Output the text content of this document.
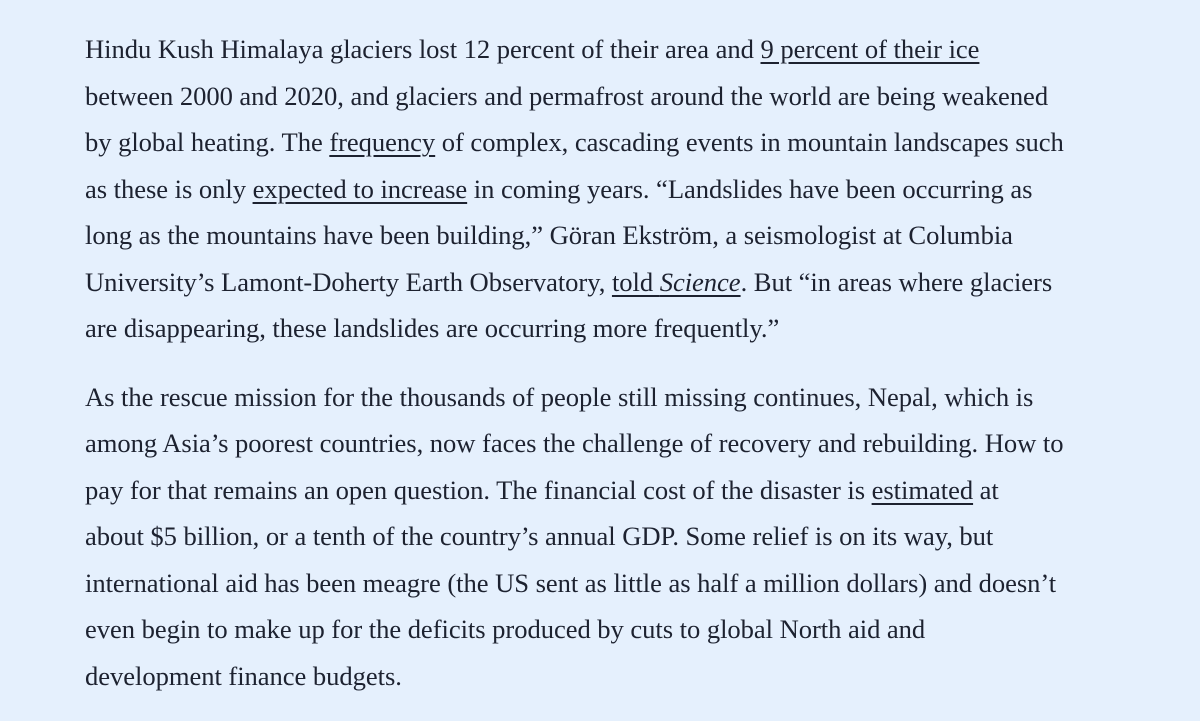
Hindu Kush Himalaya glaciers lost 12 percent of their area and 9 percent of their ice
between 2000 and 2020, and glaciers and permafrost around the world are being weakened
by global heating. The frequency of complex, cascading events in mountain landscapes such
as these is only expected to increase in coming years. “Landslides have been occurring as
long as the mountains have been building,” Göran Ekström, a seismologist at Columbia
University’s Lamont-Doherty Earth Observatory, told Science. But “in areas where glaciers
are disappearing, these landslides are occurring more frequently.”

As the rescue mission for the thousands of people still missing continues, Nepal, which is
among Asia’s poorest countries, now faces the challenge of recovery and rebuilding. How to
pay for that remains an open question. The financial cost of the disaster is estimated at
about $5 billion, or a tenth of the country’s annual GDP. Some relief is on its way, but
international aid has been meagre (the US sent as little as half a million dollars) and doesn’t
even begin to make up for the deficits produced by cuts to global North aid and
development finance budgets.
